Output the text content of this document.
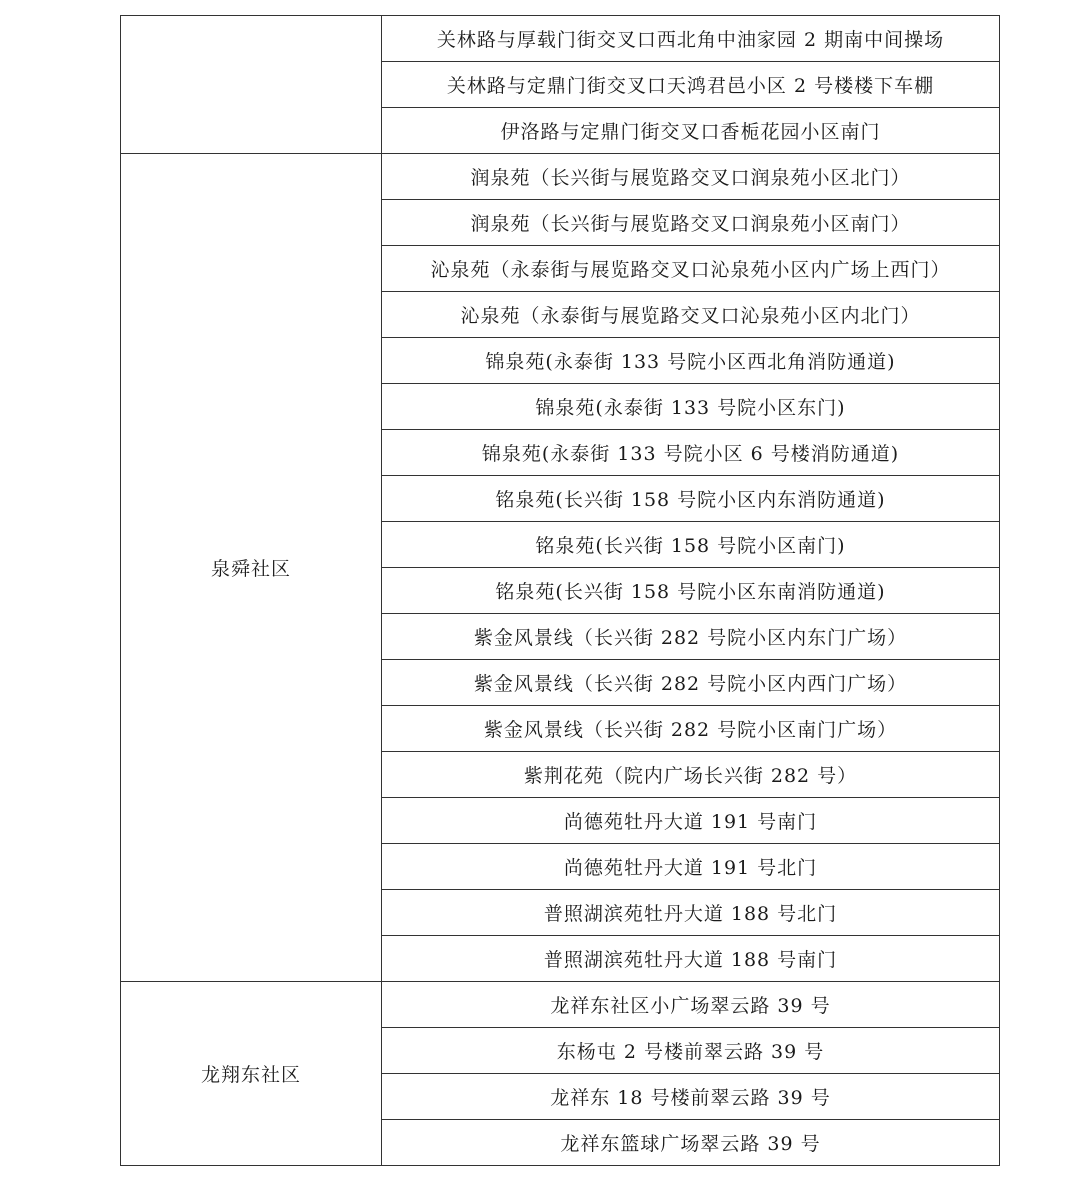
	关林路与厚载门街交叉口西北角中油家园 2 期南中间操场
	关林路与定鼎门街交叉口天鸿君邑小区 2 号楼楼下车棚
	伊洛路与定鼎门街交叉口香栀花园小区南门
泉舜社区	润泉苑（长兴街与展览路交叉口润泉苑小区北门）
	润泉苑（长兴街与展览路交叉口润泉苑小区南门）
	沁泉苑（永泰街与展览路交叉口沁泉苑小区内广场上西门）
	沁泉苑（永泰街与展览路交叉口沁泉苑小区内北门）
	锦泉苑(永泰街 133 号院小区西北角消防通道)
	锦泉苑(永泰街 133 号院小区东门)
	锦泉苑(永泰街 133 号院小区 6 号楼消防通道)
	铭泉苑(长兴街 158 号院小区内东消防通道)
	铭泉苑(长兴街 158 号院小区南门)
	铭泉苑(长兴街 158 号院小区东南消防通道)
	紫金风景线（长兴街 282 号院小区内东门广场）
	紫金风景线（长兴街 282 号院小区内西门广场）
	紫金风景线（长兴街 282 号院小区南门广场）
	紫荆花苑（院内广场长兴街 282 号）
	尚德苑牡丹大道 191 号南门
	尚德苑牡丹大道 191 号北门
	普照湖滨苑牡丹大道 188 号北门
	普照湖滨苑牡丹大道 188 号南门
龙翔东社区	龙祥东社区小广场翠云路 39 号
	东杨屯 2 号楼前翠云路 39 号
	龙祥东 18 号楼前翠云路 39 号
	龙祥东篮球广场翠云路 39 号
